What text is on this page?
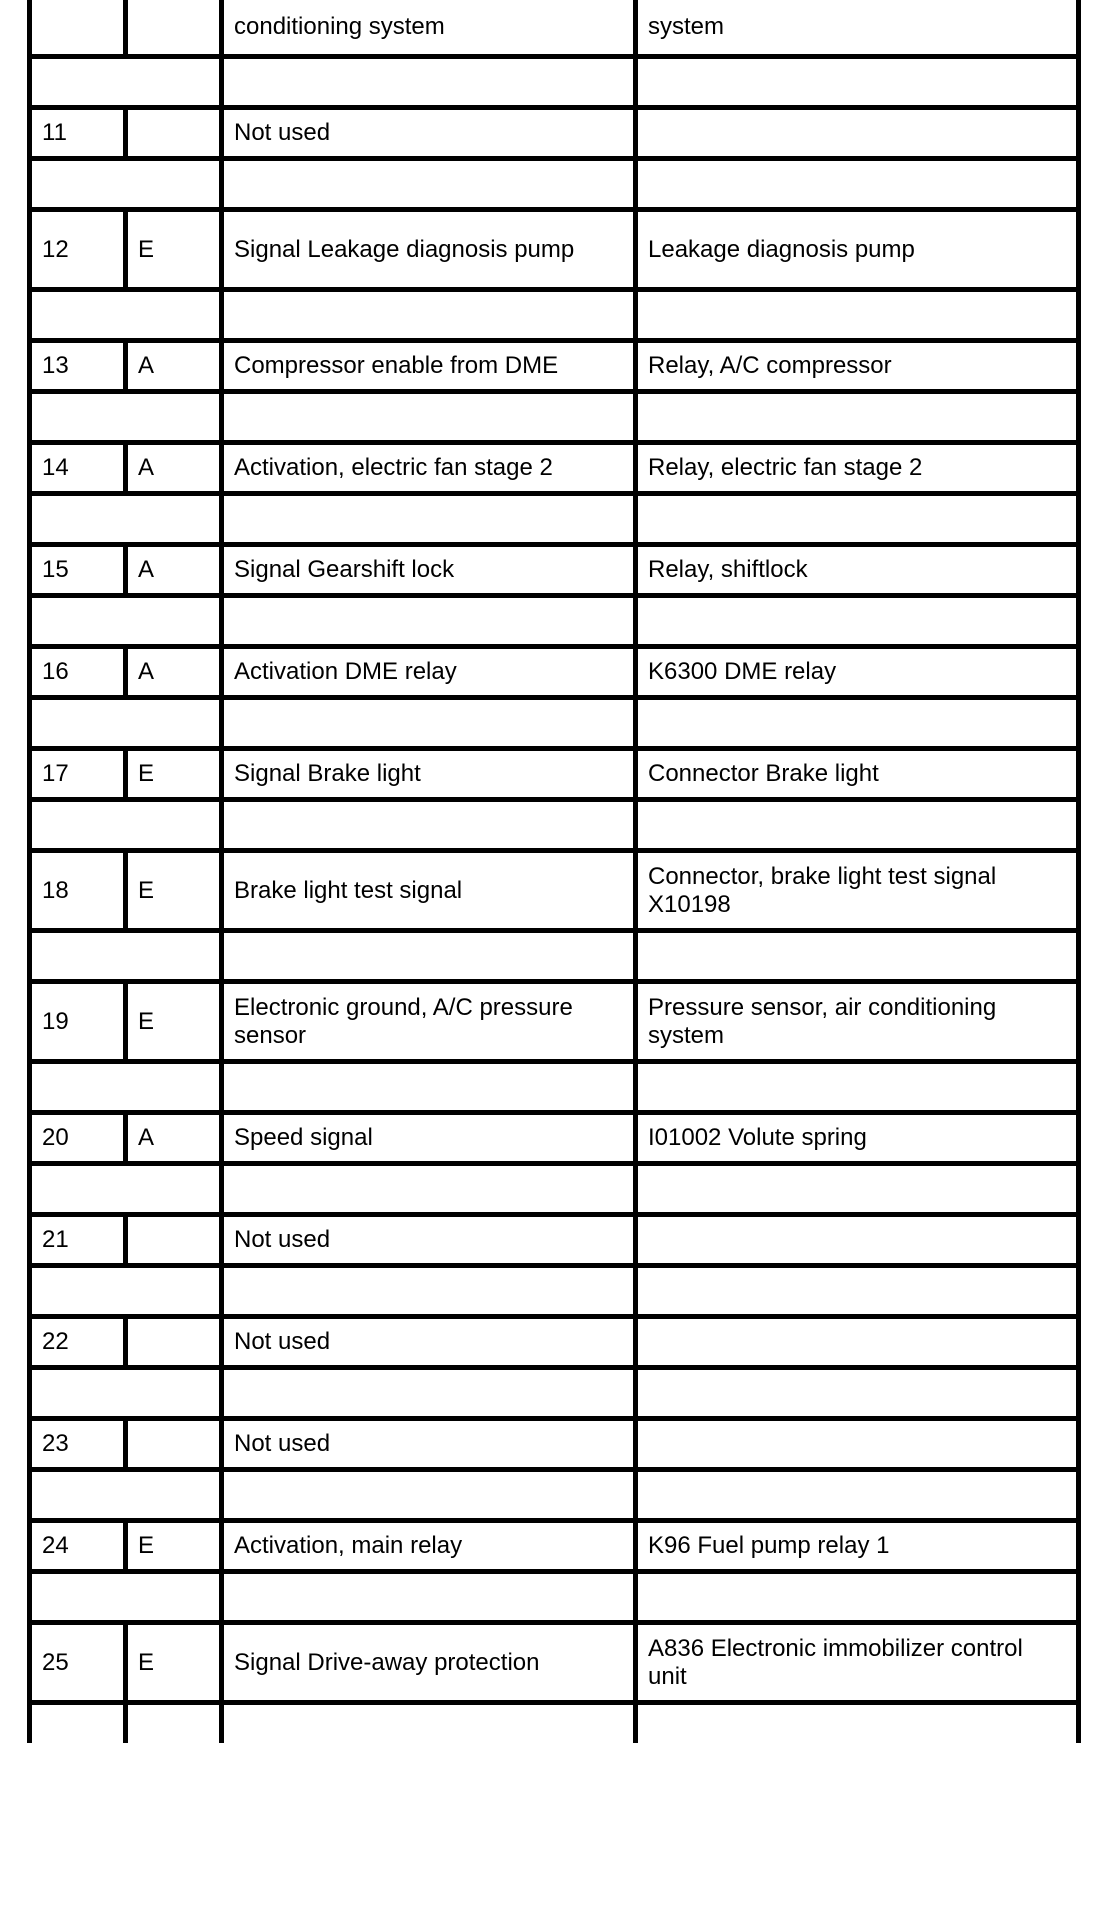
		conditioning system	system

11		Not used	

12	E	Signal Leakage diagnosis pump	Leakage diagnosis pump

13	A	Compressor enable from DME	Relay, A/C compressor

14	A	Activation, electric fan stage 2	Relay, electric fan stage 2

15	A	Signal Gearshift lock	Relay, shiftlock

16	A	Activation DME relay	K6300 DME relay

17	E	Signal Brake light	Connector Brake light

18	E	Brake light test signal	Connector, brake light test signal X10198

19	E	Electronic ground, A/C pressure sensor	Pressure sensor, air conditioning system

20	A	Speed signal	I01002 Volute spring

21		Not used	

22		Not used	

23		Not used	

24	E	Activation, main relay	K96 Fuel pump relay 1

25	E	Signal Drive-away protection	A836 Electronic immobilizer control unit
